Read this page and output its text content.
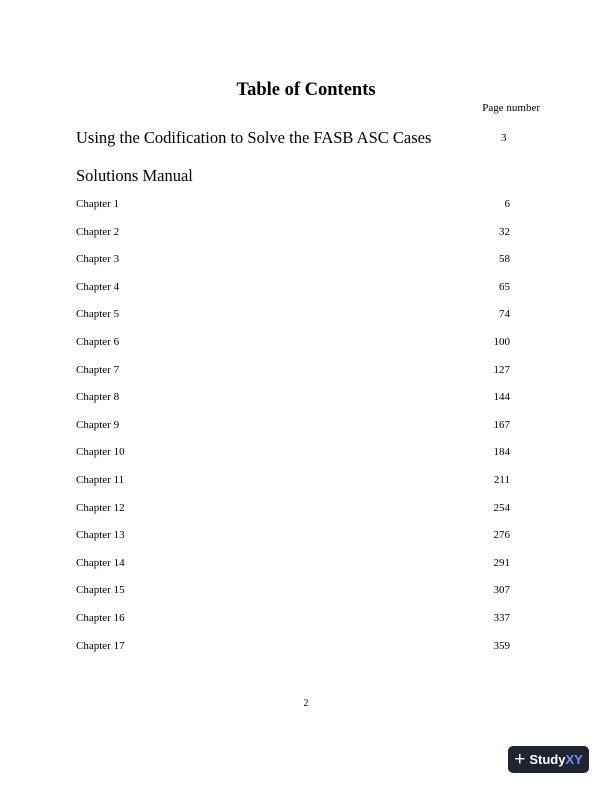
Table of Contents

Page number

Using the Codification to Solve the FASB ASC Cases	3
Solutions Manual
Chapter 1	6
Chapter 2	32
Chapter 3	58
Chapter 4	65
Chapter 5	74
Chapter 6	100
Chapter 7	127
Chapter 8	144
Chapter 9	167
Chapter 10	184
Chapter 11	211
Chapter 12	254
Chapter 13	276
Chapter 14	291
Chapter 15	307
Chapter 16	337
Chapter 17	359

2

+ Study XY
